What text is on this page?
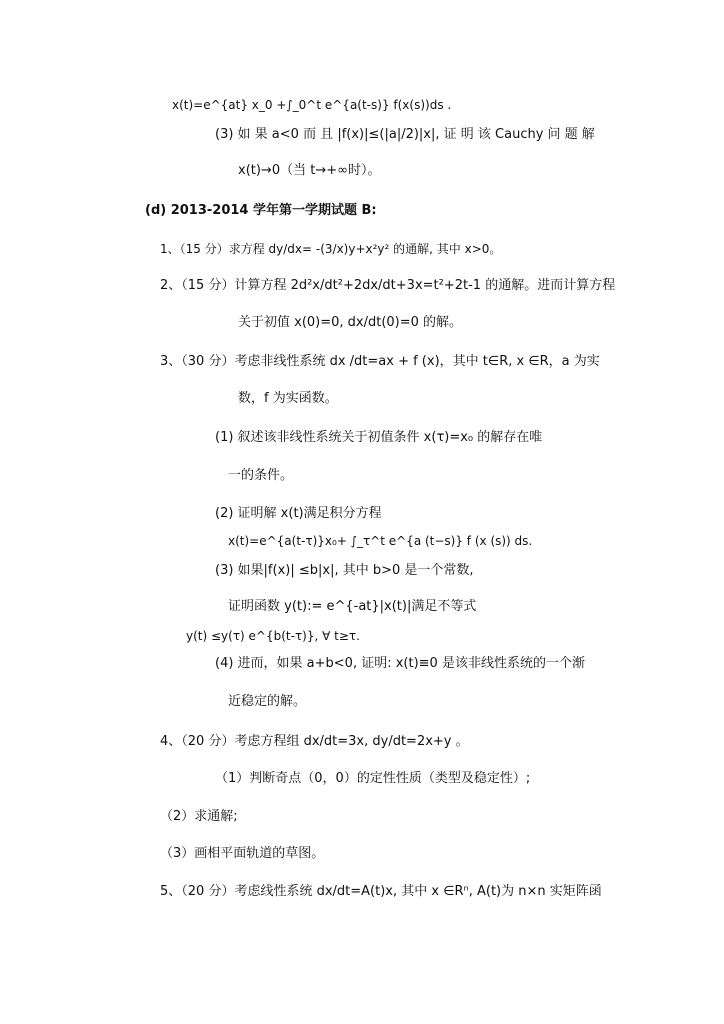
x(t)=e^{at} x_0 +∫_0^t e^{a(t-s)} f(x(s))ds .
(3) 如 果 a<0 而 且 |f(x)|≤(|a|/2)|x|, 证 明 该 Cauchy 问 题 解
x(t)→0（当 t→+∞时）。
(d) 2013-2014 学年第一学期试题 B:
1、（15 分）求方程 dy/dx= -(3/x)y+x²y² 的通解, 其中 x>0。
2、（15 分）计算方程 2d²x/dt²+2dx/dt+3x=t²+2t-1 的通解。进而计算方程
关于初值 x(0)=0, dx/dt(0)=0 的解。
3、（30 分）考虑非线性系统 dx /dt=ax + f (x)，其中 t∈R, x ∈R，a 为实
数，f 为实函数。
(1) 叙述该非线性系统关于初值条件 x(τ)=x₀ 的解存在唯
一的条件。
(2) 证明解 x(t)满足积分方程
x(t)=e^{a(t-τ)}x₀+ ∫_τ^t e^{a (t−s)} f (x (s)) ds.
(3) 如果|f(x)| ≤b|x|, 其中 b>0 是一个常数,
证明函数 y(t):= e^{-at}|x(t)|满足不等式
y(t) ≤y(τ) e^{b(t-τ)}, ∀ t≥τ.
(4) 进而，如果 a+b<0, 证明: x(t)≡0 是该非线性系统的一个渐
近稳定的解。
4、（20 分）考虑方程组 dx/dt=3x, dy/dt=2x+y 。
（1）判断奇点（0，0）的定性性质（类型及稳定性）;
（2）求通解;
（3）画相平面轨道的草图。
5、（20 分）考虑线性系统 dx/dt=A(t)x, 其中 x ∈Rⁿ, A(t)为 n×n 实矩阵函
